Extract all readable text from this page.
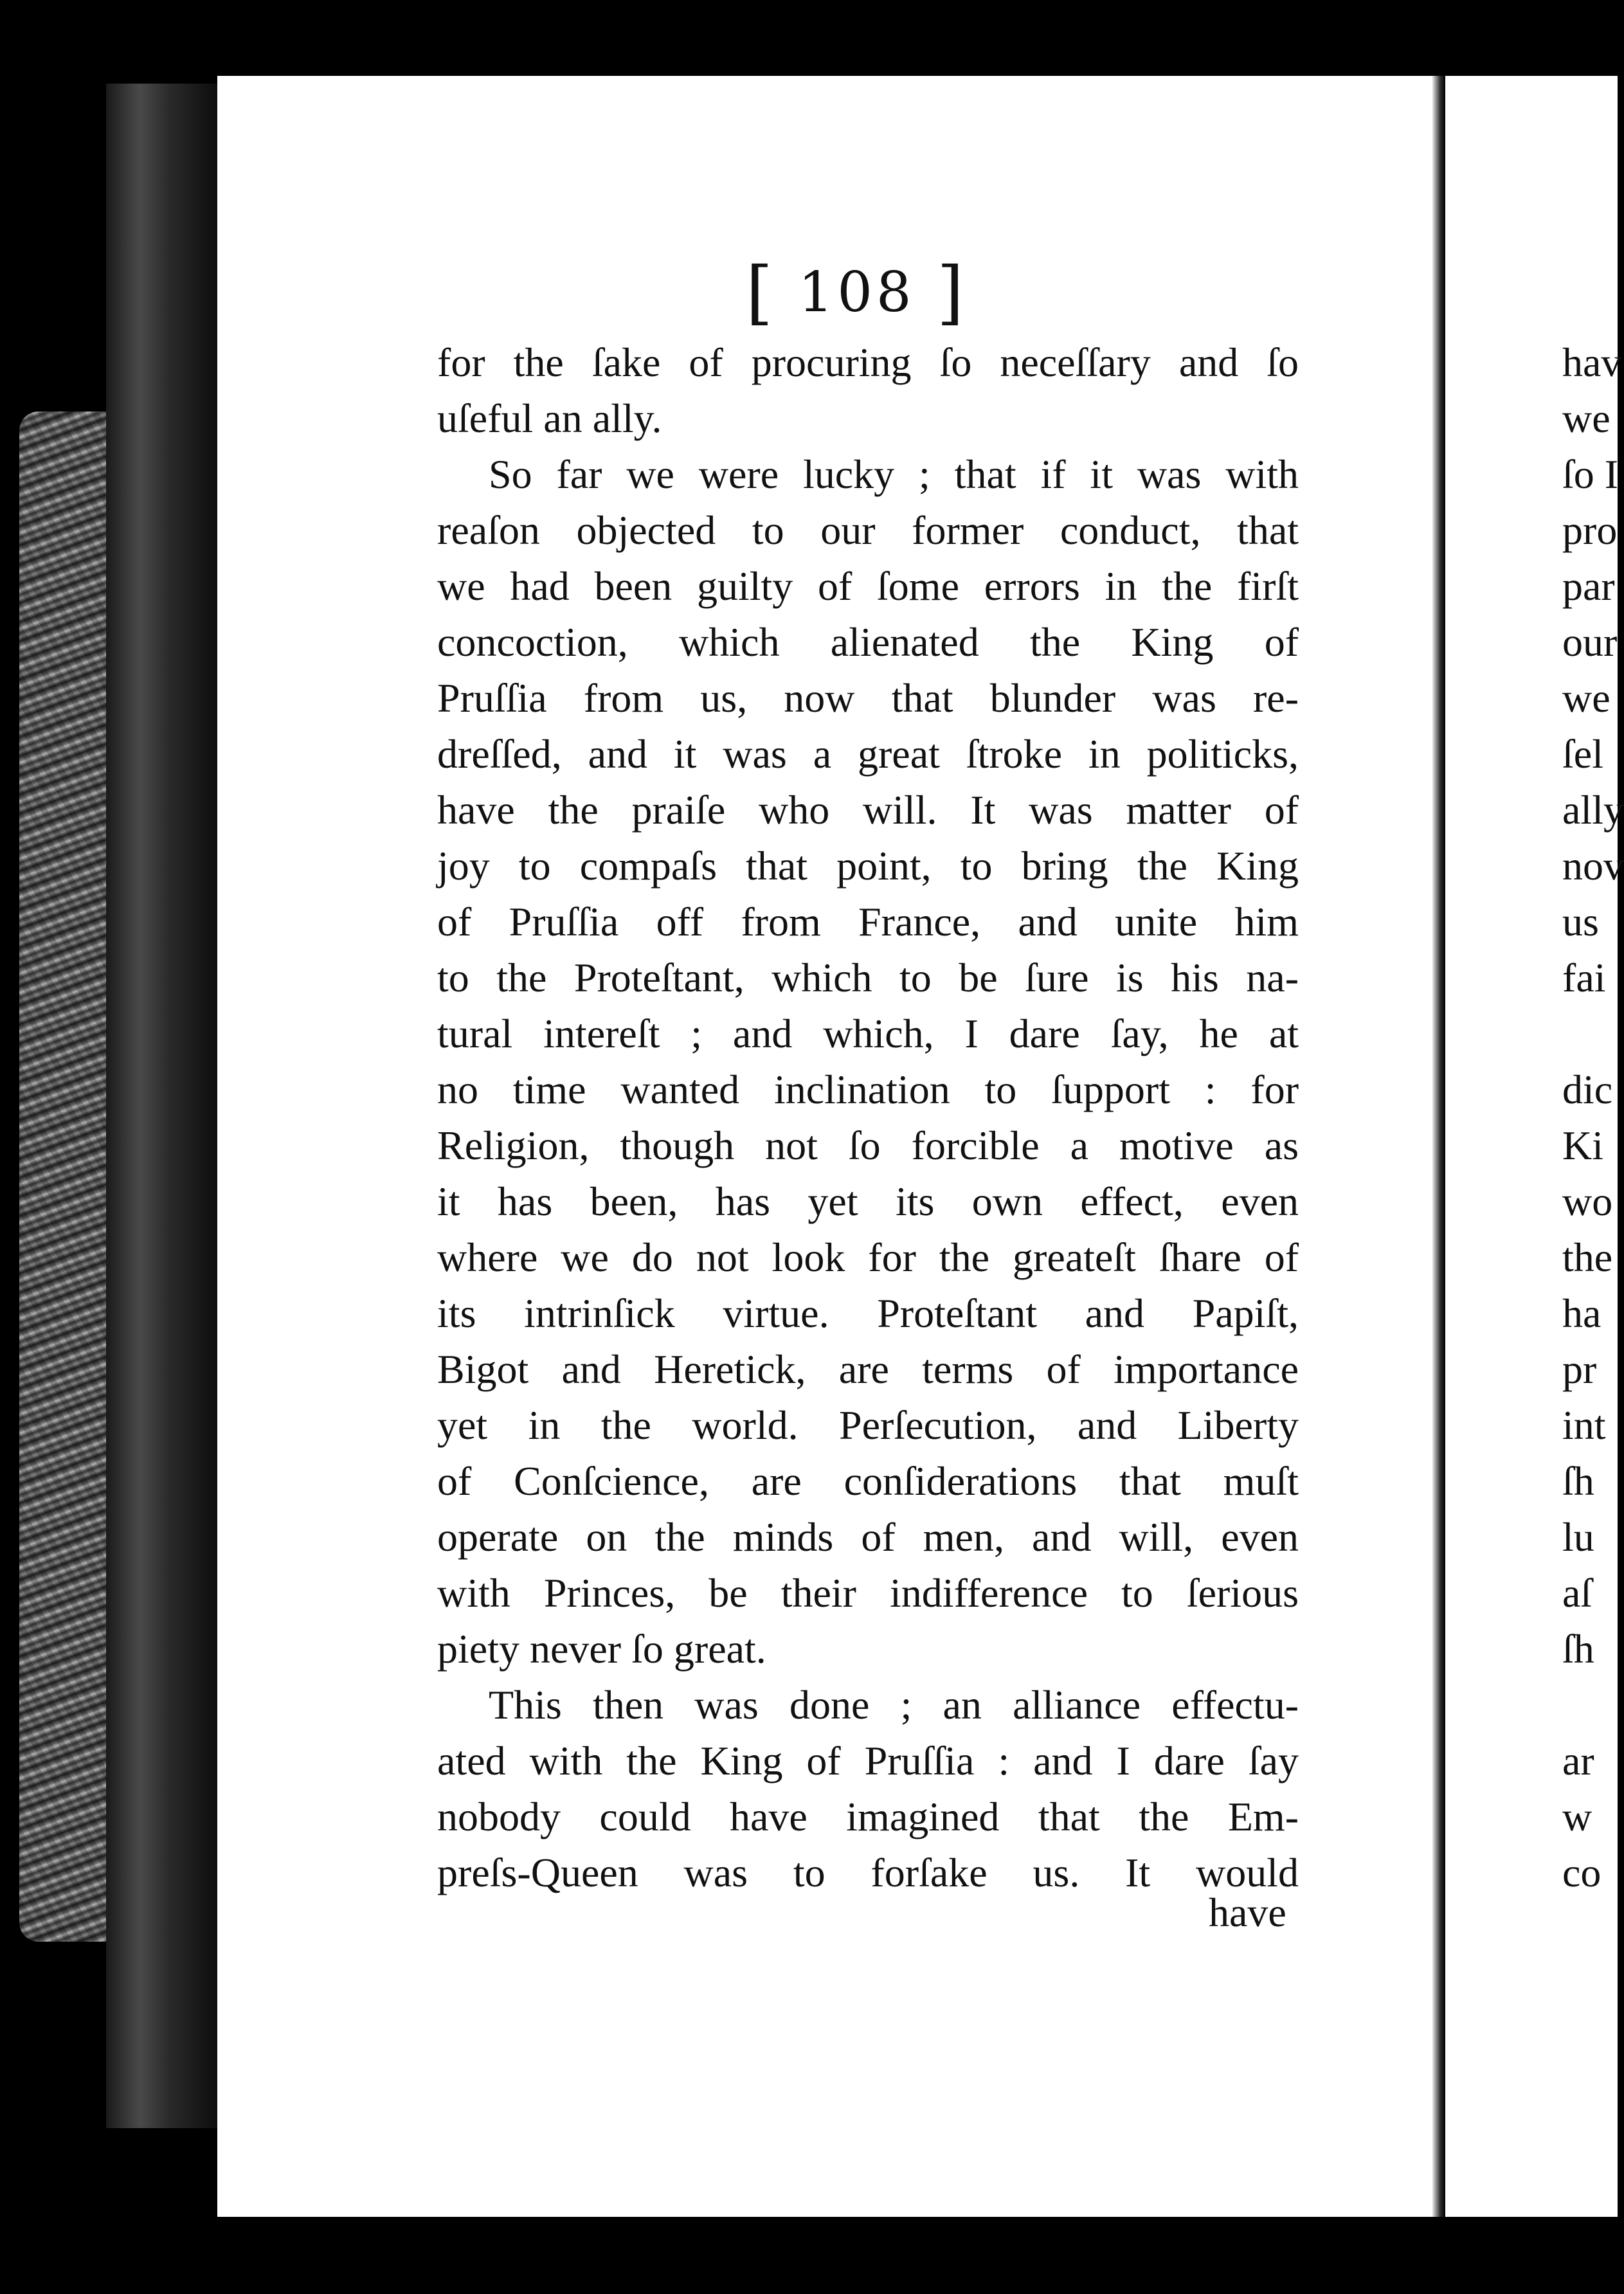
[ 108 ]
for the ſake of procuring ſo neceſſary and ſo
uſeful an ally.
So far we were lucky ; that if it was with
reaſon objected to our former conduct, that
we had been guilty of ſome errors in the firſt
concoction, which alienated the King of
Pruſſia from us, now that blunder was re-
dreſſed, and it was a great ſtroke in politicks,
have the praiſe who will. It was matter of
joy to compaſs that point, to bring the King
of Pruſſia off from France, and unite him
to the Proteſtant, which to be ſure is his na-
tural intereſt ; and which, I dare ſay, he at
no time wanted inclination to ſupport : for
Religion, though not ſo forcible a motive as
it has been, has yet its own effect, even
where we do not look for the greateſt ſhare of
its intrinſick virtue. Proteſtant and Papiſt,
Bigot and Heretick, are terms of importance
yet in the world. Perſecution, and Liberty
of Conſcience, are conſiderations that muſt
operate on the minds of men, and will, even
with Princes, be their indifference to ſerious
piety never ſo great.
This then was done ; an alliance effectu-
ated with the King of Pruſſia : and I dare ſay
nobody could have imagined that the Em-
preſs-Queen was to forſake us. It would
have
hav
we
ſo I
pro
par
our
we
ſel
ally
nov
us
fai
dic
Ki
wo
the
ha
pr
int
ſh
lu
aſ
ſh
ar
w
co
